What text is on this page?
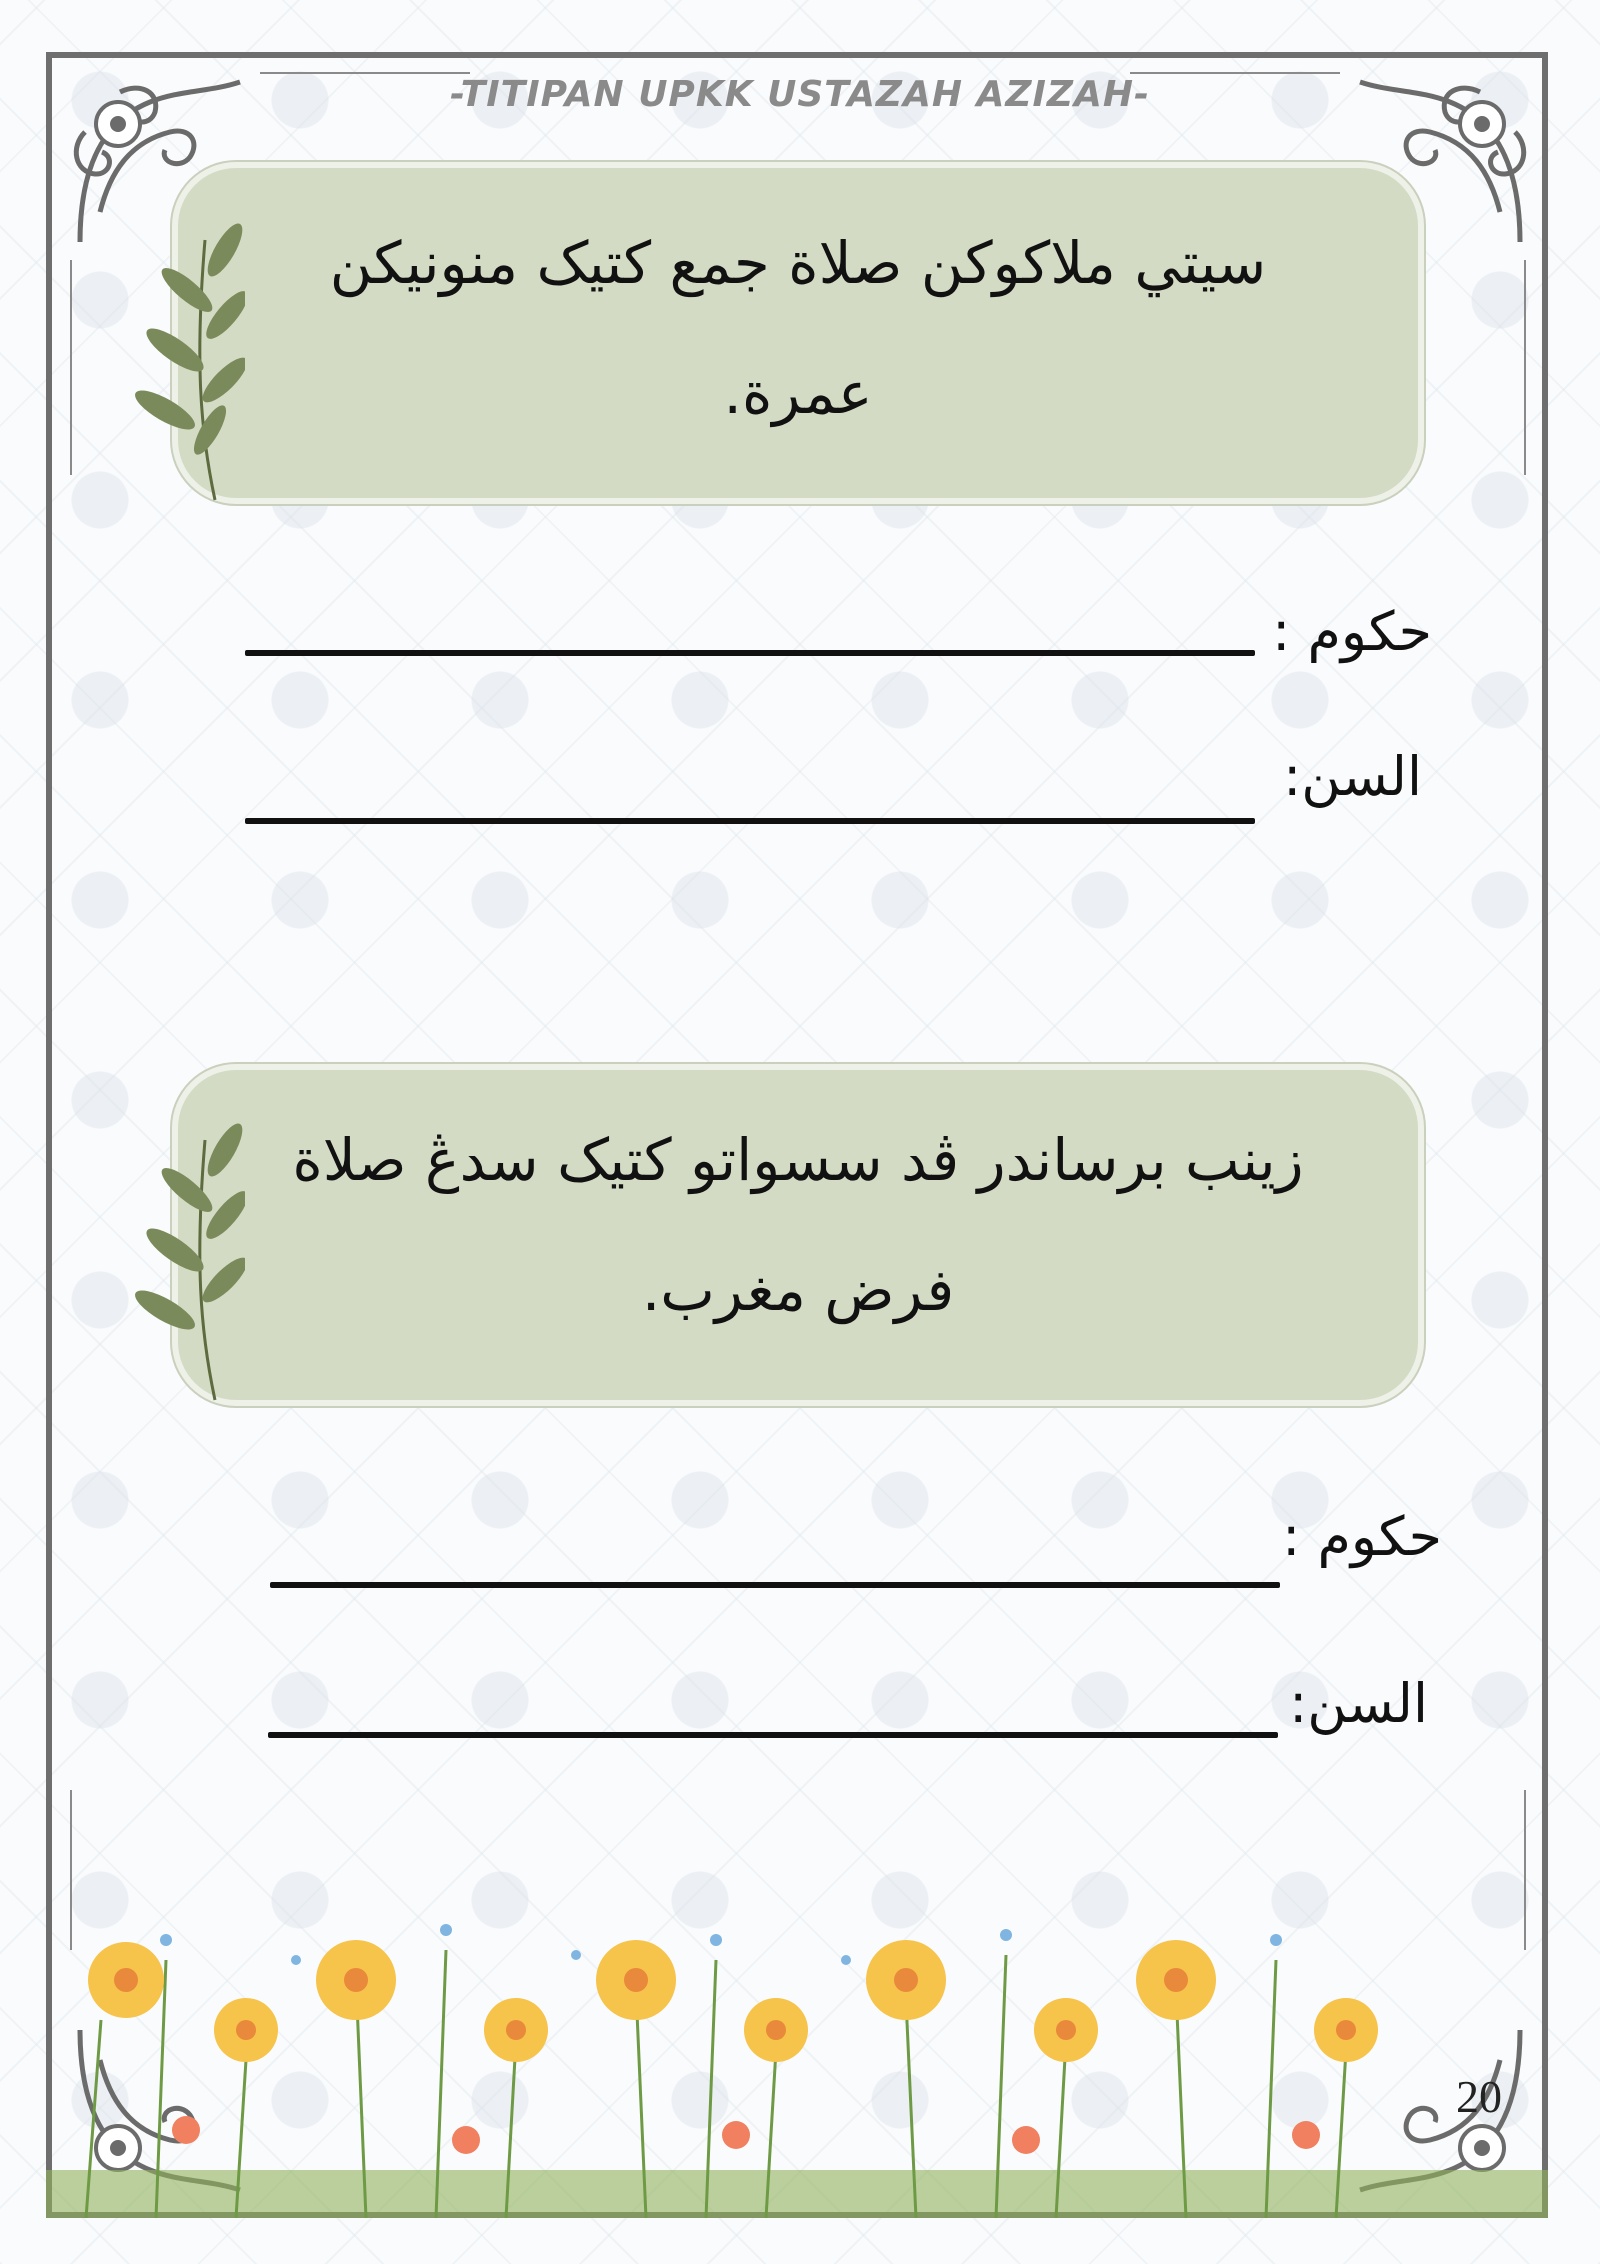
-TITIPAN UPKK USTAZAH AZIZAH-
سيتي ملاكوكن صلاة جمع كتيک منونيکن
عمرة.
حکوم :
السن:
زينب برساندر ڤد سسواتو کتيک سدڠ صلاة
فرض مغرب.
حکوم :
السن:
20
